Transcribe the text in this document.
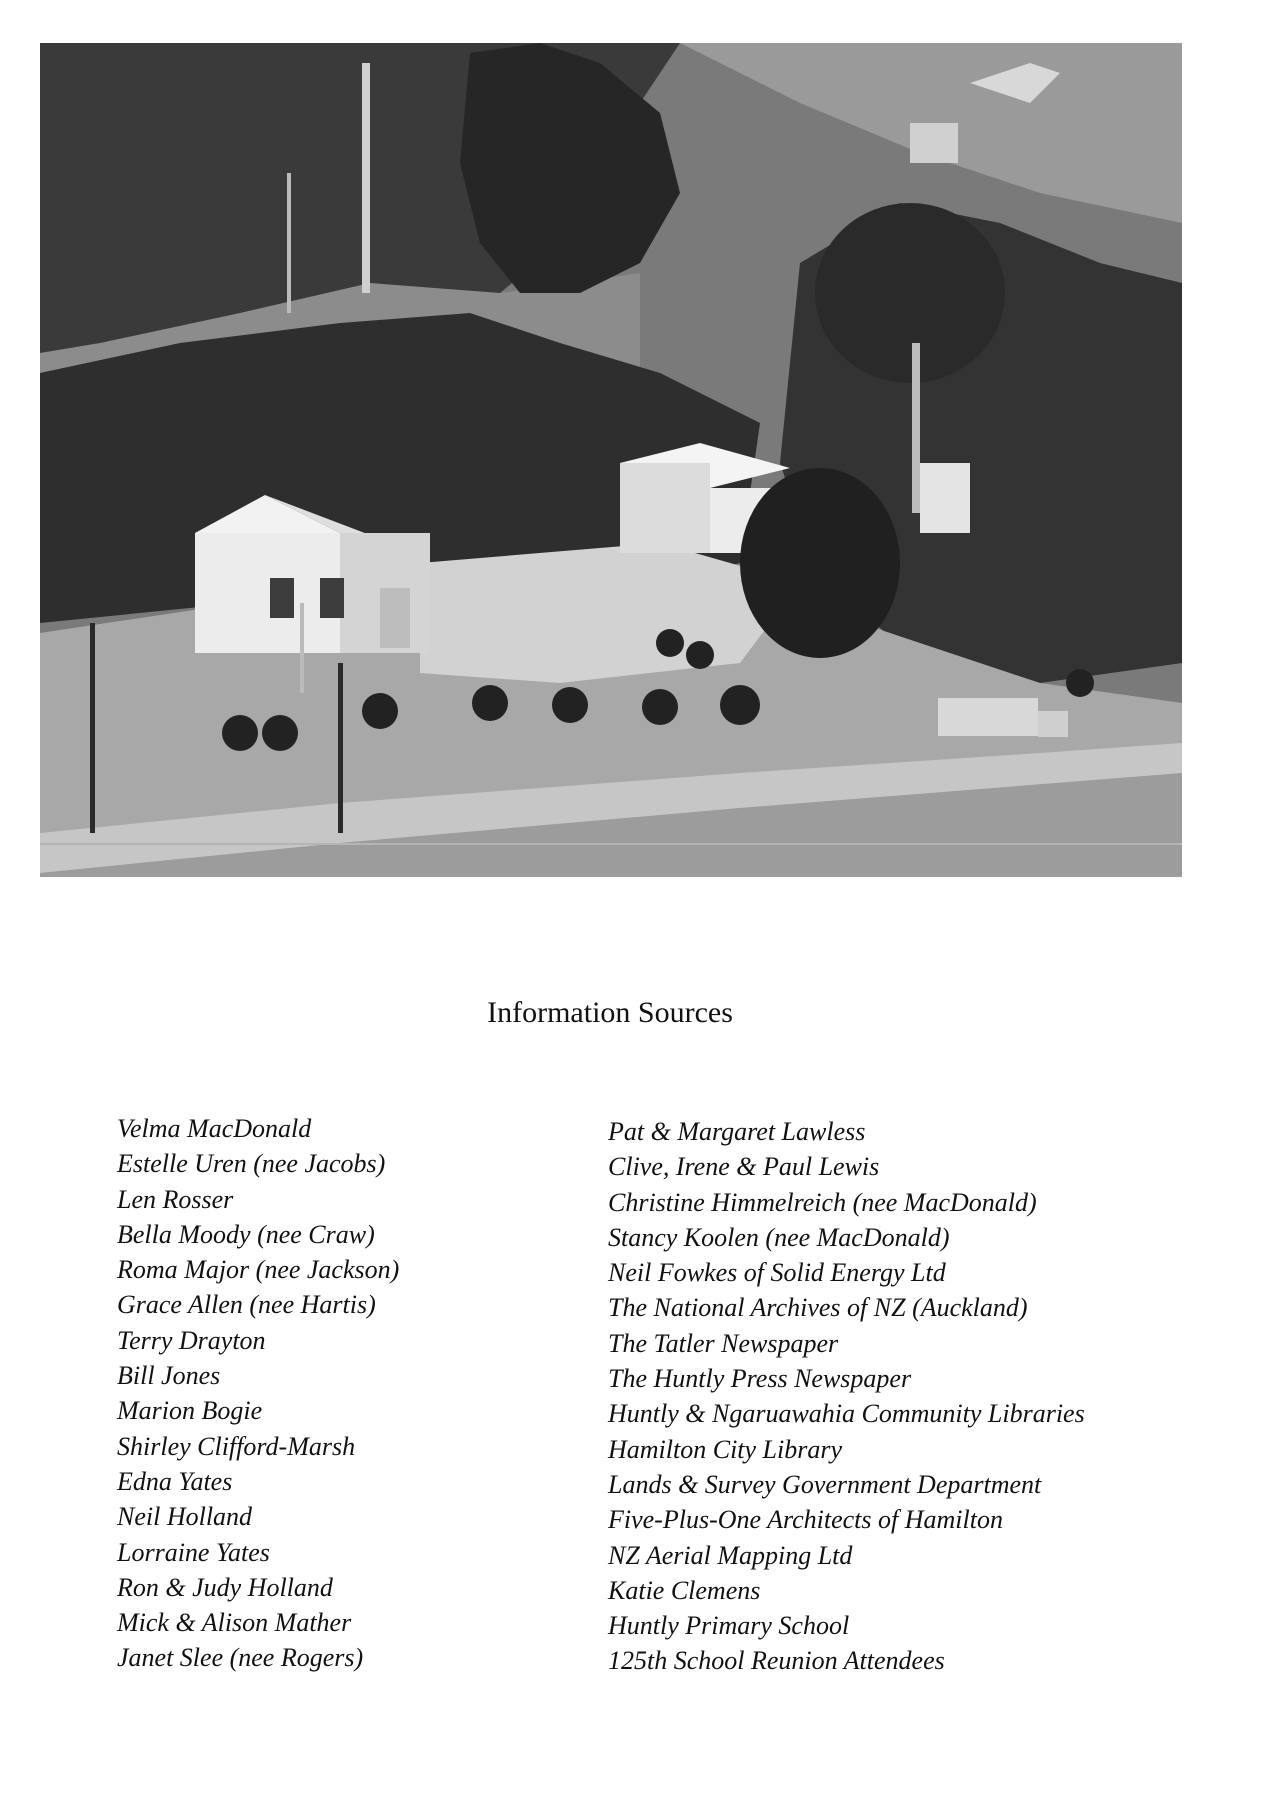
Information Sources
Velma MacDonald
Estelle Uren (nee Jacobs)
Len Rosser
Bella Moody (nee Craw)
Roma Major (nee Jackson)
Grace Allen (nee Hartis)
Terry Drayton
Bill Jones
Marion Bogie
Shirley Clifford-Marsh
Edna Yates
Neil Holland
Lorraine Yates
Ron & Judy Holland
Mick & Alison Mather
Janet Slee (nee Rogers)
Pat & Margaret Lawless
Clive, Irene & Paul Lewis
Christine Himmelreich (nee MacDonald)
Stancy Koolen (nee MacDonald)
Neil Fowkes of Solid Energy Ltd
The National Archives of NZ (Auckland)
The Tatler Newspaper
The Huntly Press Newspaper
Huntly & Ngaruawahia Community Libraries
Hamilton City Library
Lands & Survey Government Department
Five-Plus-One Architects of Hamilton
NZ Aerial Mapping Ltd
Katie Clemens
Huntly Primary School
125th School Reunion Attendees
